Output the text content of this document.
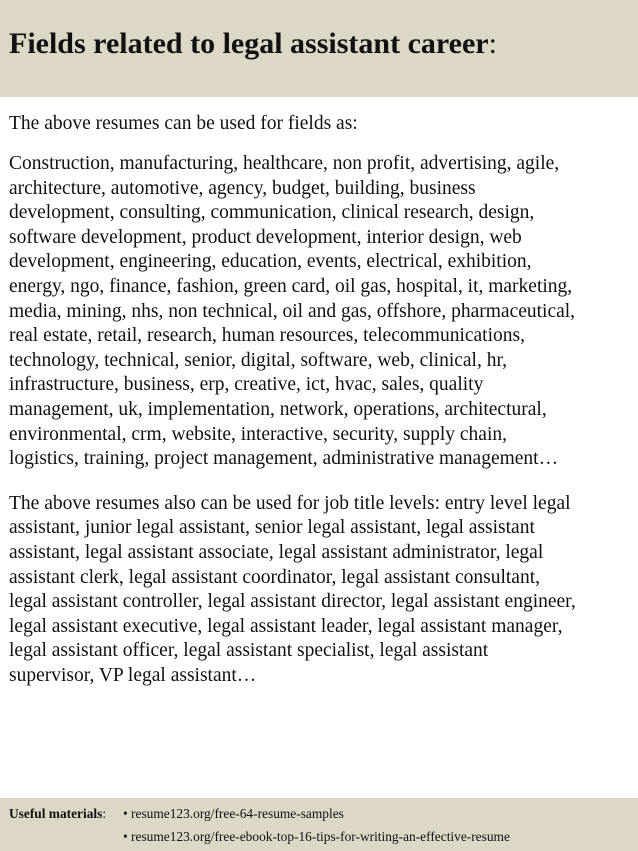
Fields related to legal assistant career:

The above resumes can be used for fields as:

Construction, manufacturing, healthcare, non profit, advertising, agile,
architecture, automotive, agency, budget, building, business
development, consulting, communication, clinical research, design,
software development, product development, interior design, web
development, engineering, education, events, electrical, exhibition,
energy, ngo, finance, fashion, green card, oil gas, hospital, it, marketing,
media, mining, nhs, non technical, oil and gas, offshore, pharmaceutical,
real estate, retail, research, human resources, telecommunications,
technology, technical, senior, digital, software, web, clinical, hr,
infrastructure, business, erp, creative, ict, hvac, sales, quality
management, uk, implementation, network, operations, architectural,
environmental, crm, website, interactive, security, supply chain,
logistics, training, project management, administrative management…

The above resumes also can be used for job title levels: entry level legal
assistant, junior legal assistant, senior legal assistant, legal assistant
assistant, legal assistant associate, legal assistant administrator, legal
assistant clerk, legal assistant coordinator, legal assistant consultant,
legal assistant controller, legal assistant director, legal assistant engineer,
legal assistant executive, legal assistant leader, legal assistant manager,
legal assistant officer, legal assistant specialist, legal assistant
supervisor, VP legal assistant…

Useful materials: • resume123.org/free-64-resume-samples
• resume123.org/free-ebook-top-16-tips-for-writing-an-effective-resume
